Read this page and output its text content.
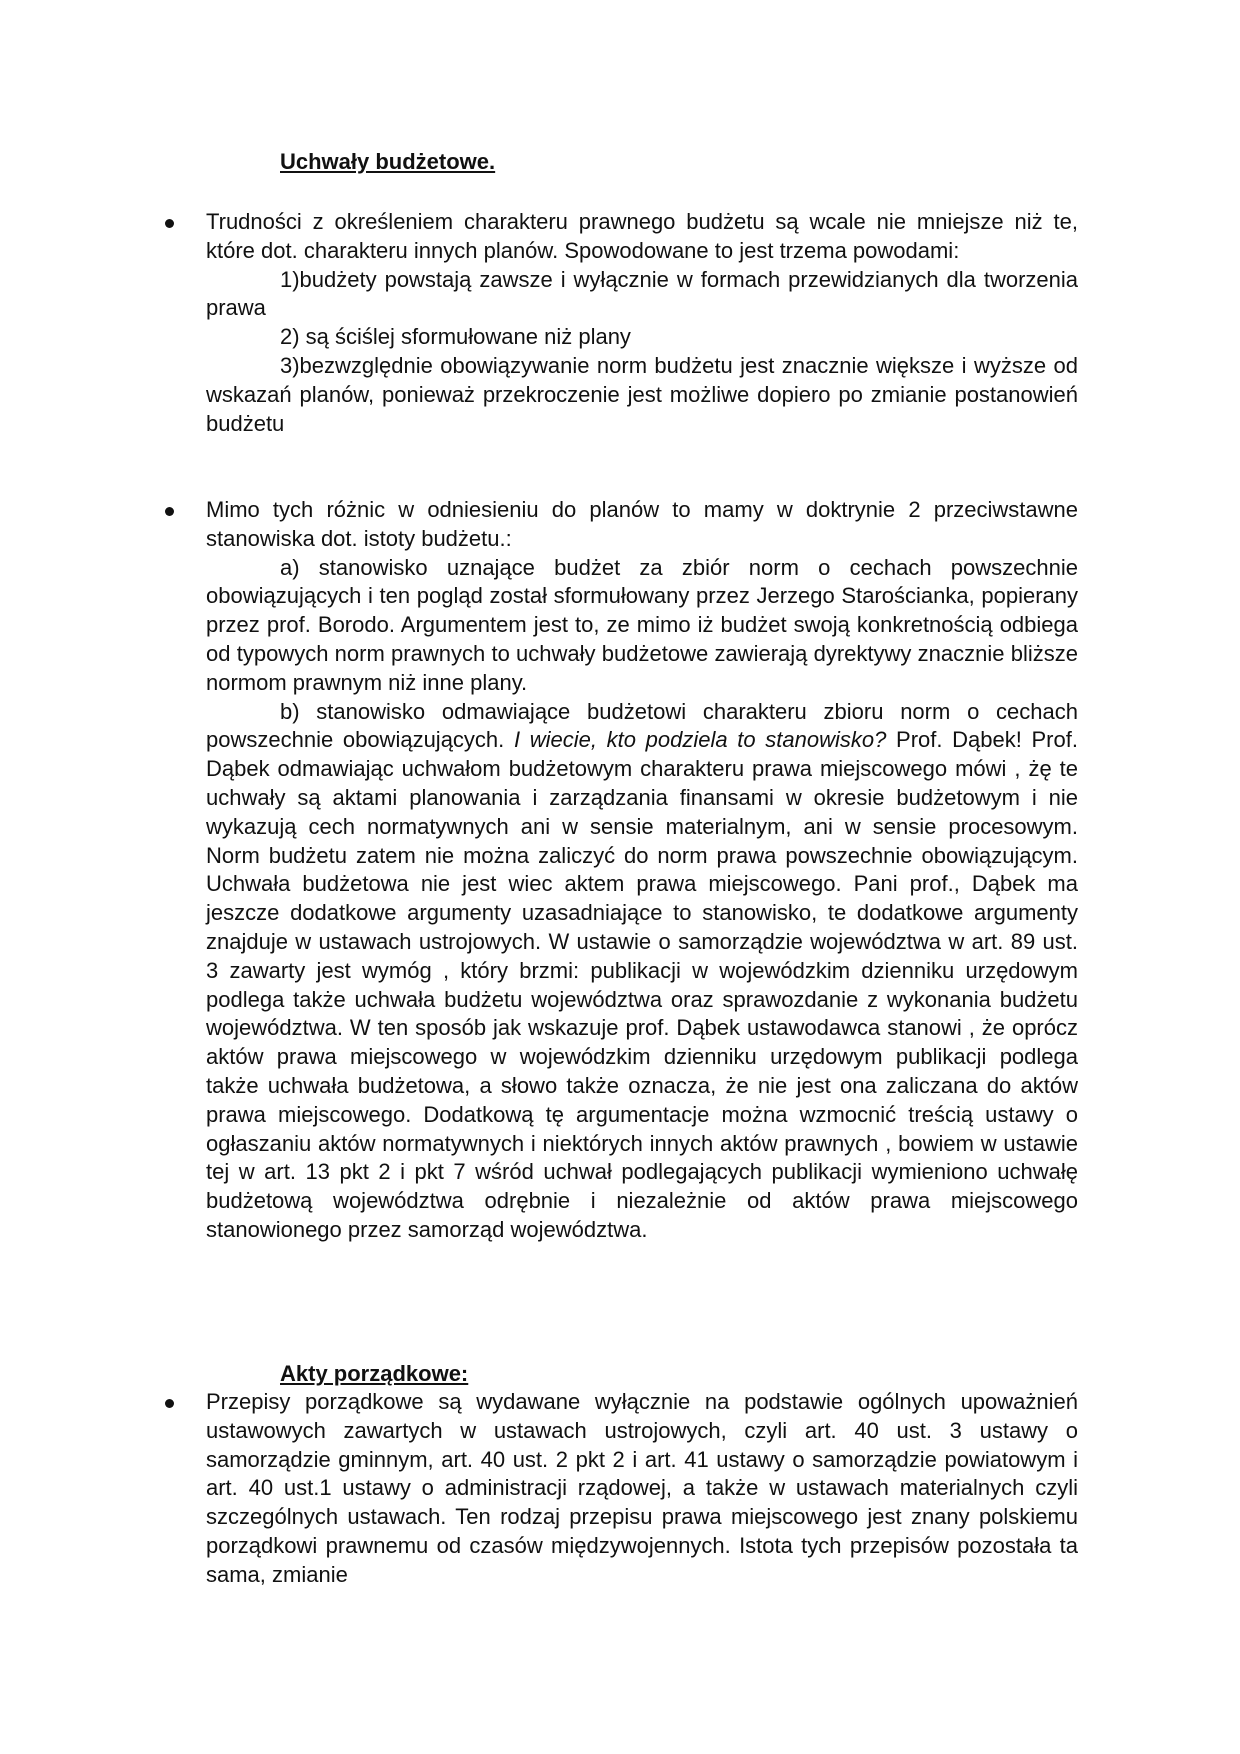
Uchwały budżetowe.

Trudności z określeniem charakteru prawnego budżetu są wcale nie mniejsze niż te, które dot. charakteru innych planów. Spowodowane to jest trzema powodami:

1)budżety powstają zawsze i wyłącznie w formach przewidzianych dla tworzenia prawa

2) są ściślej sformułowane niż plany

3)bezwzględnie obowiązywanie norm budżetu jest znacznie większe i wyższe od wskazań planów, ponieważ przekroczenie jest możliwe dopiero po zmianie postanowień budżetu

Mimo tych różnic w odniesieniu do planów to mamy w doktrynie 2 przeciwstawne stanowiska dot. istoty budżetu.:

a) stanowisko uznające budżet za zbiór norm o cechach powszechnie obowiązujących i ten pogląd został sformułowany przez Jerzego Starościanka, popierany przez prof. Borodo. Argumentem jest to, ze mimo iż budżet swoją konkretnością odbiega od typowych norm prawnych to uchwały budżetowe zawierają dyrektywy znacznie bliższe normom prawnym niż inne plany.

b) stanowisko odmawiające budżetowi charakteru zbioru norm o cechach powszechnie obowiązujących. I wiecie, kto podziela to stanowisko? Prof. Dąbek! Prof. Dąbek odmawiając uchwałom budżetowym charakteru prawa miejscowego mówi , żę te uchwały są aktami planowania i zarządzania finansami w okresie budżetowym i nie wykazują cech normatywnych ani w sensie materialnym, ani w sensie procesowym. Norm budżetu zatem nie można zaliczyć do norm prawa powszechnie obowiązującym. Uchwała budżetowa nie jest wiec aktem prawa miejscowego. Pani prof., Dąbek ma jeszcze dodatkowe argumenty uzasadniające to stanowisko, te dodatkowe argumenty znajduje w ustawach ustrojowych. W ustawie o samorządzie województwa w art. 89 ust. 3 zawarty jest wymóg , który brzmi: publikacji w wojewódzkim dzienniku urzędowym podlega także uchwała budżetu województwa oraz sprawozdanie z wykonania budżetu województwa. W ten sposób jak wskazuje prof. Dąbek ustawodawca stanowi , że oprócz aktów prawa miejscowego w wojewódzkim dzienniku urzędowym publikacji podlega także uchwała budżetowa, a słowo także oznacza, że nie jest ona zaliczana do aktów prawa miejscowego. Dodatkową tę argumentacje można wzmocnić treścią ustawy o ogłaszaniu aktów normatywnych i niektórych innych aktów prawnych , bowiem w ustawie tej w art. 13 pkt 2 i pkt 7 wśród uchwał podlegających publikacji wymieniono uchwałę budżetową województwa odrębnie i niezależnie od aktów prawa miejscowego stanowionego przez samorząd województwa.

Akty porządkowe:

Przepisy porządkowe są wydawane wyłącznie na podstawie ogólnych upoważnień ustawowych zawartych w ustawach ustrojowych, czyli art. 40 ust. 3 ustawy o samorządzie gminnym, art. 40 ust. 2 pkt 2 i art. 41 ustawy o samorządzie powiatowym i art. 40 ust.1 ustawy o administracji rządowej, a także w ustawach materialnych czyli szczególnych ustawach. Ten rodzaj przepisu prawa miejscowego jest znany polskiemu porządkowi prawnemu od czasów międzywojennych. Istota tych przepisów pozostała ta sama, zmianie
